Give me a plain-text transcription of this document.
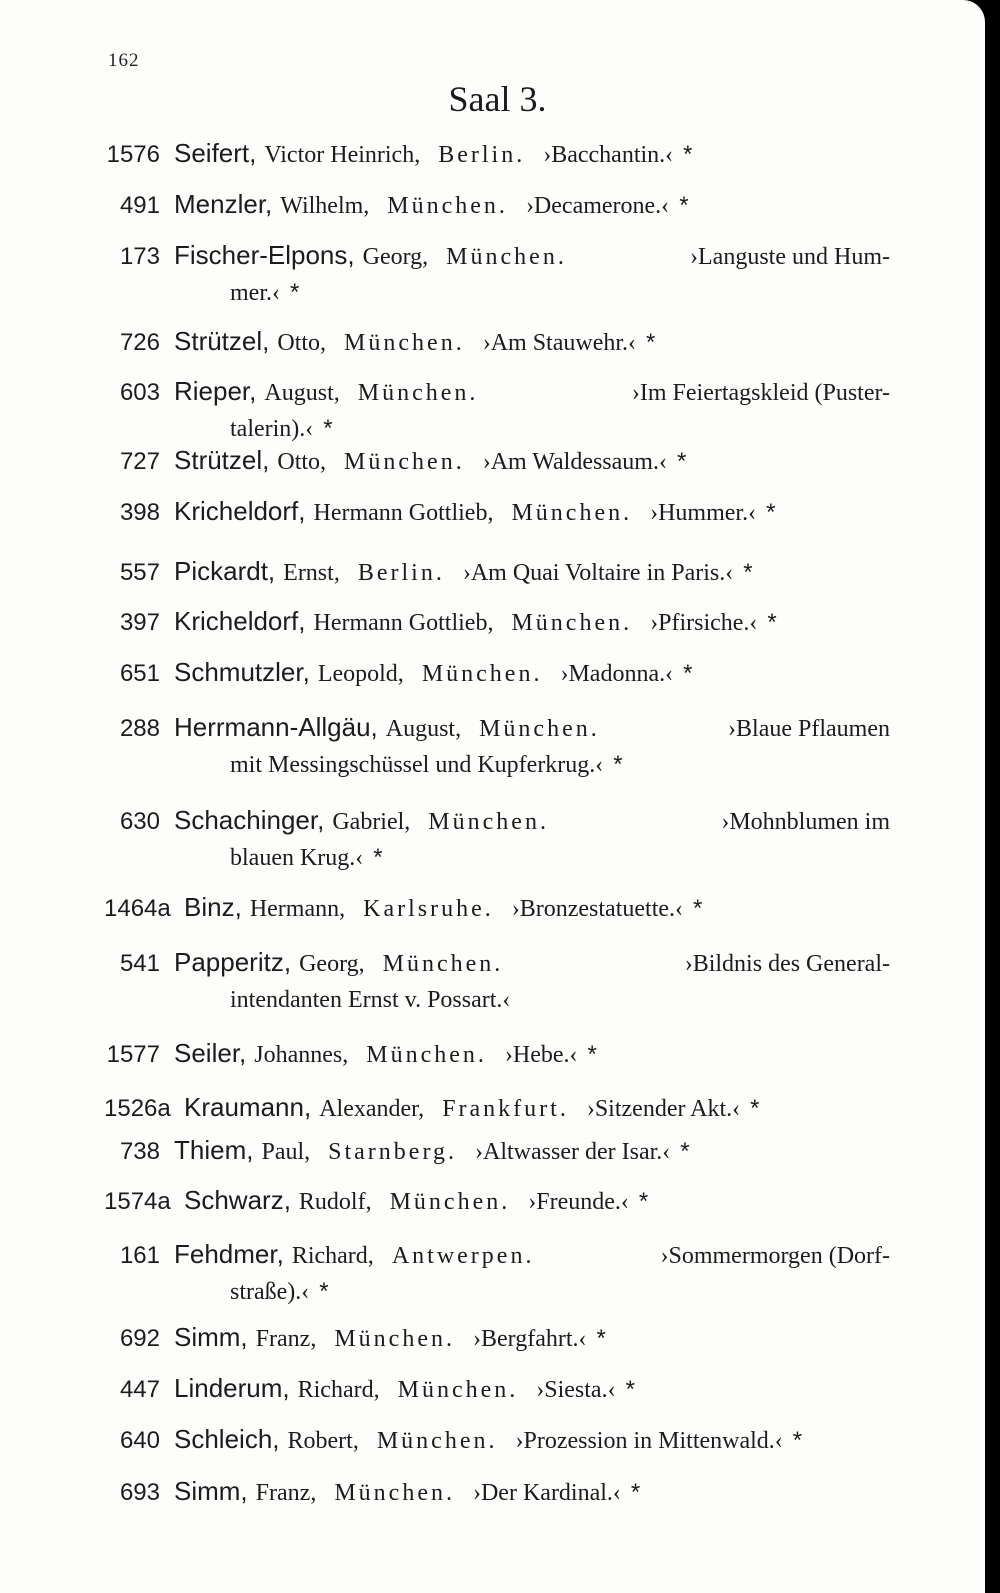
162
Saal 3.
1576 Seifert, Victor Heinrich, Berlin. ›Bacchantin.‹ *
491 Menzler, Wilhelm, München. ›Decamerone.‹ *
173 Fischer-Elpons, Georg, München.	›Languste und Hum-
mer.‹ *
726 Strützel, Otto, München. ›Am Stauwehr.‹ *
603 Rieper, August, München.	›Im Feiertagskleid (Puster-
talerin).‹ *
727 Strützel, Otto, München. ›Am Waldessaum.‹ *
398 Kricheldorf, Hermann Gottlieb, München. ›Hummer.‹ *
557 Pickardt, Ernst, Berlin. ›Am Quai Voltaire in Paris.‹ *
397 Kricheldorf, Hermann Gottlieb, München. ›Pfirsiche.‹ *
651 Schmutzler, Leopold, München. ›Madonna.‹ *
288 Herrmann-Allgäu, August, München.	›Blaue Pflaumen
mit Messingschüssel und Kupferkrug.‹ *
630 Schachinger, Gabriel, München.	›Mohnblumen im
blauen Krug.‹ *
1464a Binz, Hermann, Karlsruhe. ›Bronzestatuette.‹ *
541 Papperitz, Georg, München.	›Bildnis des General-
intendanten Ernst v. Possart.‹
1577 Seiler, Johannes, München. ›Hebe.‹ *
1526a Kraumann, Alexander, Frankfurt. ›Sitzender Akt.‹ *
738 Thiem, Paul, Starnberg. ›Altwasser der Isar.‹ *
1574a Schwarz, Rudolf, München. ›Freunde.‹ *
161 Fehdmer, Richard, Antwerpen.	›Sommermorgen (Dorf-
straße).‹ *
692 Simm, Franz, München. ›Bergfahrt.‹ *
447 Linderum, Richard, München. ›Siesta.‹ *
640 Schleich, Robert, München. ›Prozession in Mittenwald.‹ *
693 Simm, Franz, München. ›Der Kardinal.‹ *
